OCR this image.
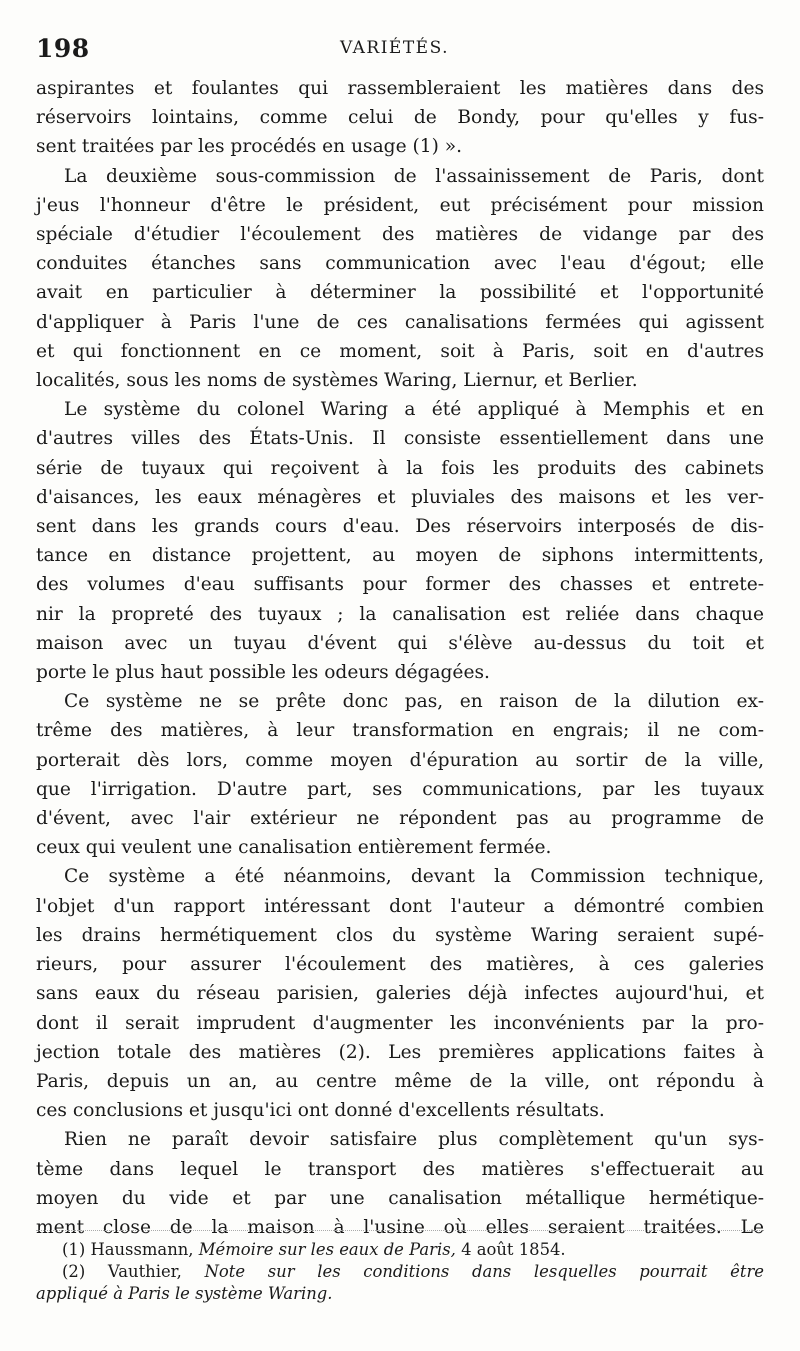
198	VARIÉTÉS.
aspirantes et foulantes qui rassembleraient les matières dans des
réservoirs lointains, comme celui de Bondy, pour qu'elles y fus-
sent traitées par les procédés en usage (1) ».
La deuxième sous-commission de l'assainissement de Paris, dont
j'eus l'honneur d'être le président, eut précisément pour mission
spéciale d'étudier l'écoulement des matières de vidange par des
conduites étanches sans communication avec l'eau d'égout; elle
avait en particulier à déterminer la possibilité et l'opportunité
d'appliquer à Paris l'une de ces canalisations fermées qui agissent
et qui fonctionnent en ce moment, soit à Paris, soit en d'autres
localités, sous les noms de systèmes Waring, Liernur, et Berlier.
Le système du colonel Waring a été appliqué à Memphis et en
d'autres villes des États-Unis. Il consiste essentiellement dans une
série de tuyaux qui reçoivent à la fois les produits des cabinets
d'aisances, les eaux ménagères et pluviales des maisons et les ver-
sent dans les grands cours d'eau. Des réservoirs interposés de dis-
tance en distance projettent, au moyen de siphons intermittents,
des volumes d'eau suffisants pour former des chasses et entrete-
nir la propreté des tuyaux ; la canalisation est reliée dans chaque
maison avec un tuyau d'évent qui s'élève au-dessus du toit et
porte le plus haut possible les odeurs dégagées.
Ce système ne se prête donc pas, en raison de la dilution ex-
trême des matières, à leur transformation en engrais; il ne com-
porterait dès lors, comme moyen d'épuration au sortir de la ville,
que l'irrigation. D'autre part, ses communications, par les tuyaux
d'évent, avec l'air extérieur ne répondent pas au programme de
ceux qui veulent une canalisation entièrement fermée.
Ce système a été néanmoins, devant la Commission technique,
l'objet d'un rapport intéressant dont l'auteur a démontré combien
les drains hermétiquement clos du système Waring seraient supé-
rieurs, pour assurer l'écoulement des matières, à ces galeries
sans eaux du réseau parisien, galeries déjà infectes aujourd'hui, et
dont il serait imprudent d'augmenter les inconvénients par la pro-
jection totale des matières (2). Les premières applications faites à
Paris, depuis un an, au centre même de la ville, ont répondu à
ces conclusions et jusqu'ici ont donné d'excellents résultats.
Rien ne paraît devoir satisfaire plus complètement qu'un sys-
tème dans lequel le transport des matières s'effectuerait au
moyen du vide et par une canalisation métallique hermétique-
ment close de la maison à l'usine où elles seraient traitées. Le
(1) Haussmann, Mémoire sur les eaux de Paris, 4 août 1854.
(2) Vauthier, Note sur les conditions dans lesquelles pourrait être
appliqué à Paris le système Waring.
